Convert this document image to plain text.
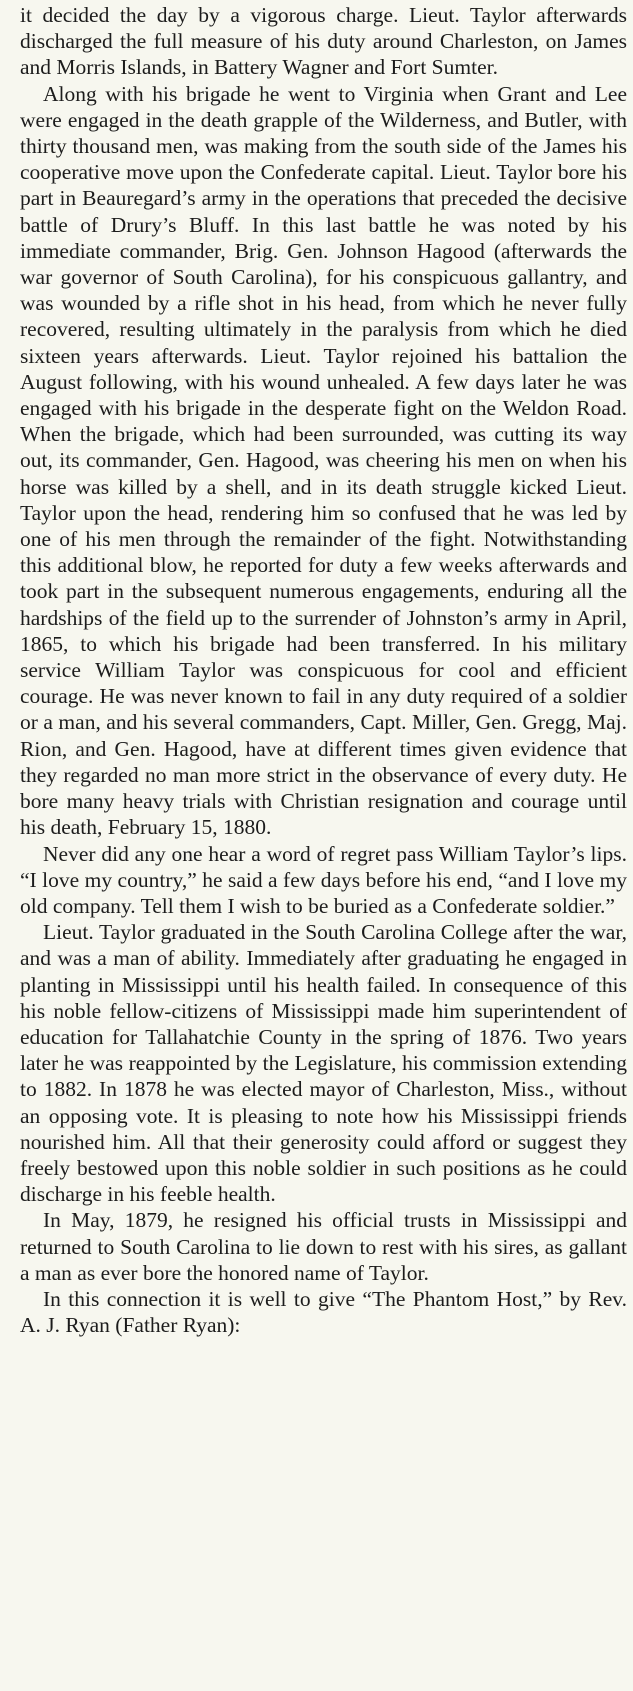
it decided the day by a vigorous charge. Lieut. Taylor afterwards discharged the full measure of his duty around Charleston, on James and Morris Islands, in Battery Wagner and Fort Sumter.

Along with his brigade he went to Virginia when Grant and Lee were engaged in the death grapple of the Wilderness, and Butler, with thirty thousand men, was making from the south side of the James his cooperative move upon the Confederate capital. Lieut. Taylor bore his part in Beauregard’s army in the operations that preceded the decisive battle of Drury’s Bluff. In this last battle he was noted by his immediate commander, Brig. Gen. Johnson Hagood (afterwards the war governor of South Carolina), for his conspicuous gallantry, and was wounded by a rifle shot in his head, from which he never fully recovered, resulting ultimately in the paralysis from which he died sixteen years afterwards. Lieut. Taylor rejoined his battalion the August following, with his wound unhealed. A few days later he was engaged with his brigade in the desperate fight on the Weldon Road. When the brigade, which had been surrounded, was cutting its way out, its commander, Gen. Hagood, was cheering his men on when his horse was killed by a shell, and in its death struggle kicked Lieut. Taylor upon the head, rendering him so confused that he was led by one of his men through the remainder of the fight. Notwithstanding this additional blow, he reported for duty a few weeks afterwards and took part in the subsequent numerous engagements, enduring all the hardships of the field up to the surrender of Johnston’s army in April, 1865, to which his brigade had been transferred. In his military service William Taylor was conspicuous for cool and efficient courage. He was never known to fail in any duty required of a soldier or a man, and his several commanders, Capt. Miller, Gen. Gregg, Maj. Rion, and Gen. Hagood, have at different times given evidence that they regarded no man more strict in the observance of every duty. He bore many heavy trials with Christian resignation and courage until his death, February 15, 1880.

Never did any one hear a word of regret pass William Taylor’s lips. “I love my country,” he said a few days before his end, “and I love my old company. Tell them I wish to be buried as a Confederate soldier.”

Lieut. Taylor graduated in the South Carolina College after the war, and was a man of ability. Immediately after graduating he engaged in planting in Mississippi until his health failed. In consequence of this his noble fellow-citizens of Mississippi made him superintendent of education for Tallahatchie County in the spring of 1876. Two years later he was reappointed by the Legislature, his commission extending to 1882. In 1878 he was elected mayor of Charleston, Miss., without an opposing vote. It is pleasing to note how his Mississippi friends nourished him. All that their generosity could afford or suggest they freely bestowed upon this noble soldier in such positions as he could discharge in his feeble health.

In May, 1879, he resigned his official trusts in Mississippi and returned to South Carolina to lie down to rest with his sires, as gallant a man as ever bore the honored name of Taylor.

In this connection it is well to give “The Phantom Host,” by Rev. A. J. Ryan (Father Ryan):
